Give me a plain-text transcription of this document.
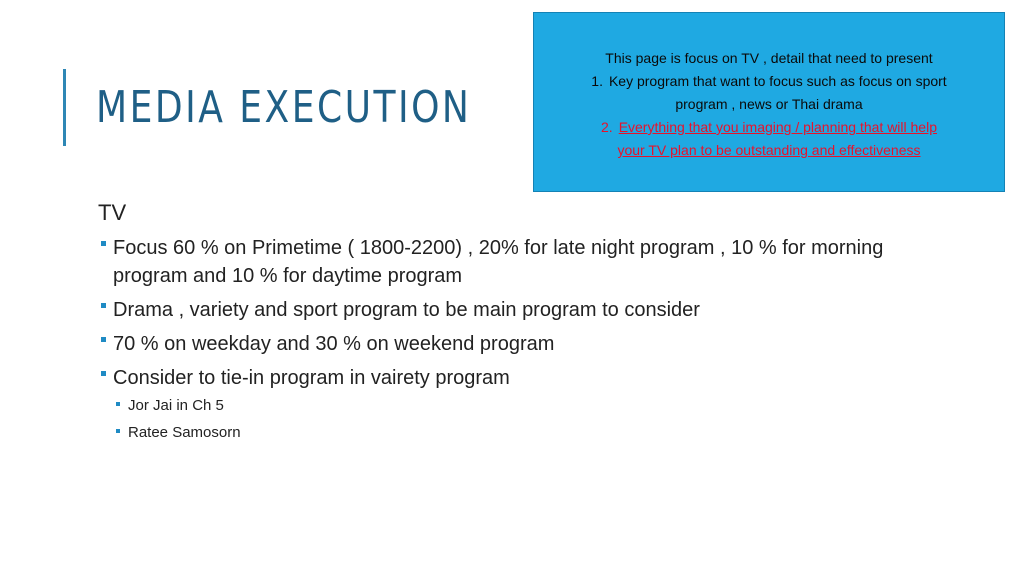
MEDIA EXECUTION
This page is focus on TV , detail that need to present
1. Key program that want to focus such as focus on sport
program , news or Thai drama
2. Everything that you imaging / planning that will help
your TV plan to be outstanding and effectiveness
TV
Focus 60 % on Primetime ( 1800-2200) , 20% for late night program , 10 % for morning program and 10 % for daytime program
Drama , variety and sport program to be main program to consider
70 % on weekday and 30 % on weekend program
Consider to tie-in program in vairety program
Jor Jai in Ch 5
Ratee Samosorn
